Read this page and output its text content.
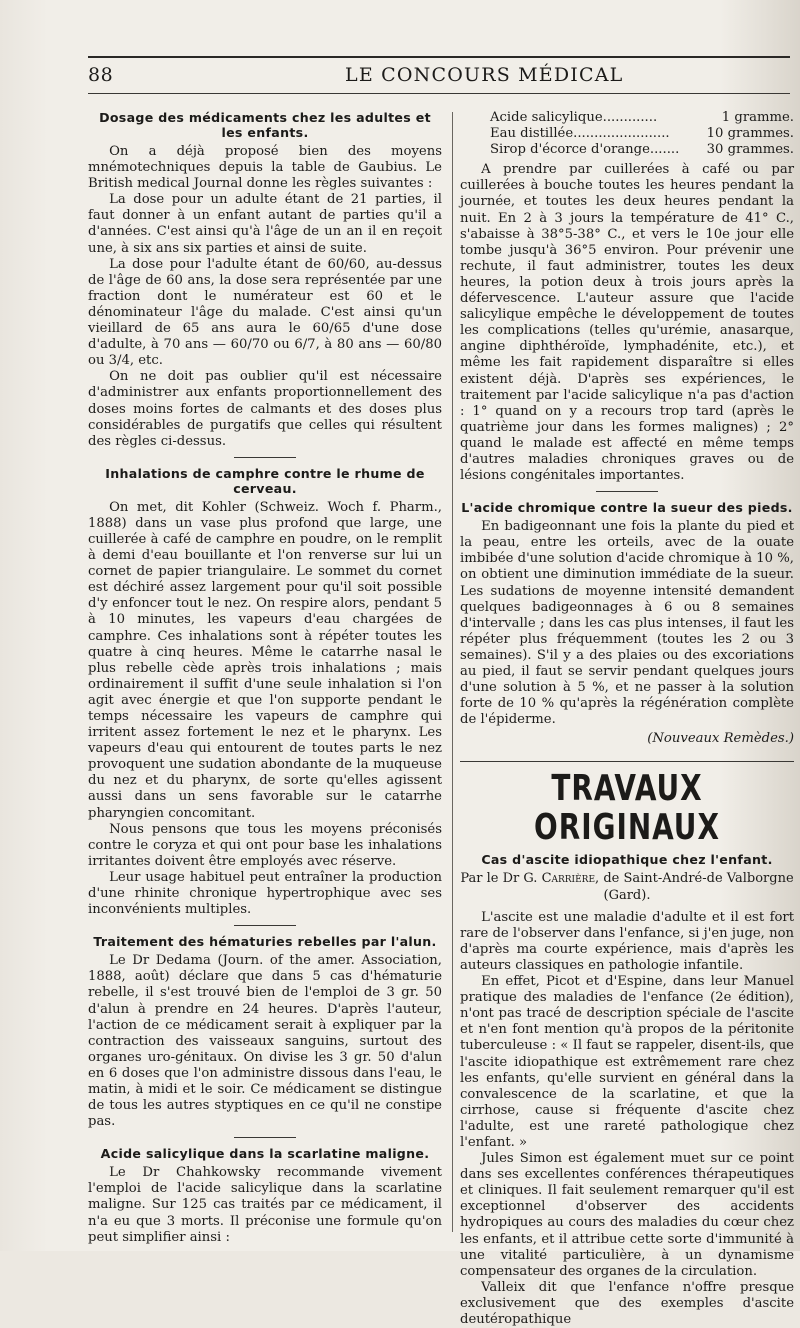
88	LE CONCOURS MÉDICAL
Dosage des médicaments chez les adultes et les enfants.

On a déjà proposé bien des moyens mnémotechniques depuis la table de Gaubius. Le British medical Journal donne les règles suivantes :

La dose pour un adulte étant de 21 parties, il faut donner à un enfant autant de parties qu'il a d'années. C'est ainsi qu'à l'âge de un an il en reçoit une, à six ans six parties et ainsi de suite.

La dose pour l'adulte étant de 60/60, au-dessus de l'âge de 60 ans, la dose sera représentée par une fraction dont le numérateur est 60 et le dénominateur l'âge du malade. C'est ainsi qu'un vieillard de 65 ans aura le 60/65 d'une dose d'adulte, à 70 ans — 60/70 ou 6/7, à 80 ans — 60/80 ou 3/4, etc.

On ne doit pas oublier qu'il est nécessaire d'administrer aux enfants proportionnellement des doses moins fortes de calmants et des doses plus considérables de purgatifs que celles qui résultent des règles ci-dessus.

Inhalations de camphre contre le rhume de cerveau.

On met, dit Kohler (Schweiz. Woch f. Pharm., 1888) dans un vase plus profond que large, une cuillerée à café de camphre en poudre, on le remplit à demi d'eau bouillante et l'on renverse sur lui un cornet de papier triangulaire. Le sommet du cornet est déchiré assez largement pour qu'il soit possible d'y enfoncer tout le nez. On respire alors, pendant 5 à 10 minutes, les vapeurs d'eau chargées de camphre. Ces inhalations sont à répéter toutes les quatre à cinq heures. Même le catarrhe nasal le plus rebelle cède après trois inhalations ; mais ordinairement il suffit d'une seule inhalation si l'on agit avec énergie et que l'on supporte pendant le temps nécessaire les vapeurs de camphre qui irritent assez fortement le nez et le pharynx. Les vapeurs d'eau qui entourent de toutes parts le nez provoquent une sudation abondante de la muqueuse du nez et du pharynx, de sorte qu'elles agissent aussi dans un sens favorable sur le catarrhe pharyngien concomitant.

Nous pensons que tous les moyens préconisés contre le coryza et qui ont pour base les inhalations irritantes doivent être employés avec réserve.

Leur usage habituel peut entraîner la production d'une rhinite chronique hypertrophique avec ses inconvénients multiples.

Traitement des hématuries rebelles par l'alun.

Le Dr Dedama (Journ. of the amer. Association, 1888, août) déclare que dans 5 cas d'hématurie rebelle, il s'est trouvé bien de l'emploi de 3 gr. 50 d'alun à prendre en 24 heures. D'après l'auteur, l'action de ce médicament serait à expliquer par la contraction des vaisseaux sanguins, surtout des organes uro-génitaux. On divise les 3 gr. 50 d'alun en 6 doses que l'on administre dissous dans l'eau, le matin, à midi et le soir. Ce médicament se distingue de tous les autres styptiques en ce qu'il ne constipe pas.

Acide salicylique dans la scarlatine maligne.

Le Dr Chahkowsky recommande vivement l'emploi de l'acide salicylique dans la scarlatine maligne. Sur 125 cas traités par ce médicament, il n'a eu que 3 morts. Il préconise une formule qu'on peut simplifier ainsi :

Acide salicylique.............	1 gramme.
Eau distillée.......................	10 grammes.
Sirop d'écorce d'orange....... 30 grammes.

A prendre par cuillerées à café ou par cuillerées à bouche toutes les heures pendant la journée, et toutes les deux heures pendant la nuit. En 2 à 3 jours la température de 41° C., s'abaisse à 38°5-38° C., et vers le 10e jour elle tombe jusqu'à 36°5 environ. Pour prévenir une rechute, il faut administrer, toutes les deux heures, la potion deux à trois jours après la défervescence. L'auteur assure que l'acide salicylique empêche le développement de toutes les complications (telles qu'urémie, anasarque, angine diphthéroïde, lymphadénite, etc.), et même les fait rapidement disparaître si elles existent déjà. D'après ses expériences, le traitement par l'acide salicylique n'a pas d'action : 1° quand on y a recours trop tard (après le quatrième jour dans les formes malignes) ; 2° quand le malade est affecté en même temps d'autres maladies chroniques graves ou de lésions congénitales importantes.

L'acide chromique contre la sueur des pieds.

En badigeonnant une fois la plante du pied et la peau, entre les orteils, avec de la ouate imbibée d'une solution d'acide chromique à 10 %, on obtient une diminution immédiate de la sueur. Les sudations de moyenne intensité demandent quelques badigeonnages à 6 ou 8 semaines d'intervalle ; dans les cas plus intenses, il faut les répéter plus fréquemment (toutes les 2 ou 3 semaines). S'il y a des plaies ou des excoriations au pied, il faut se servir pendant quelques jours d'une solution à 5 %, et ne passer à la solution forte de 10 % qu'après la régénération complète de l'épiderme.

(Nouveaux Remèdes.)
TRAVAUX ORIGINAUX
Cas d'ascite idiopathique chez l'enfant.
Par le Dr G. Carrière, de Saint-André-de Valborgne (Gard).

L'ascite est une maladie d'adulte et il est fort rare de l'observer dans l'enfance, si j'en juge, non d'après ma courte expérience, mais d'après les auteurs classiques en pathologie infantile.

En effet, Picot et d'Espine, dans leur Manuel pratique des maladies de l'enfance (2e édition), n'ont pas tracé de description spéciale de l'ascite et n'en font mention qu'à propos de la péritonite tuberculeuse : « Il faut se rappeler, disent-ils, que l'ascite idiopathique est extrêmement rare chez les enfants, qu'elle survient en général dans la convalescence de la scarlatine, et que la cirrhose, cause si fréquente d'ascite chez l'adulte, est une rareté pathologique chez l'enfant. »

Jules Simon est également muet sur ce point dans ses excellentes conférences thérapeutiques et cliniques. Il fait seulement remarquer qu'il est exceptionnel d'observer des accidents hydropiques au cours des maladies du cœur chez les enfants, et il attribue cette sorte d'immunité à une vitalité particulière, à un dynamisme compensateur des organes de la circulation.

Valleix dit que l'enfance n'offre presque exclusivement que des exemples d'ascite deutéropathique
